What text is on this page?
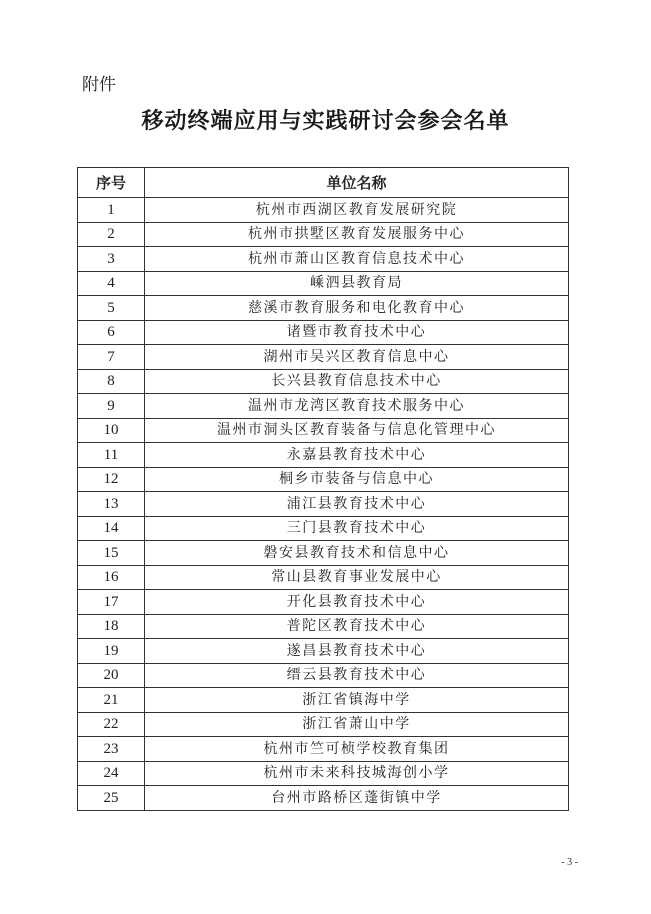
附件
移动终端应用与实践研讨会参会名单
序号	单位名称
1	杭州市西湖区教育发展研究院
2	杭州市拱墅区教育发展服务中心
3	杭州市萧山区教育信息技术中心
4	嵊泗县教育局
5	慈溪市教育服务和电化教育中心
6	诸暨市教育技术中心
7	湖州市吴兴区教育信息中心
8	长兴县教育信息技术中心
9	温州市龙湾区教育技术服务中心
10	温州市洞头区教育装备与信息化管理中心
11	永嘉县教育技术中心
12	桐乡市装备与信息中心
13	浦江县教育技术中心
14	三门县教育技术中心
15	磐安县教育技术和信息中心
16	常山县教育事业发展中心
17	开化县教育技术中心
18	普陀区教育技术中心
19	遂昌县教育技术中心
20	缙云县教育技术中心
21	浙江省镇海中学
22	浙江省萧山中学
23	杭州市竺可桢学校教育集团
24	杭州市未来科技城海创小学
25	台州市路桥区蓬街镇中学
- 3 -
